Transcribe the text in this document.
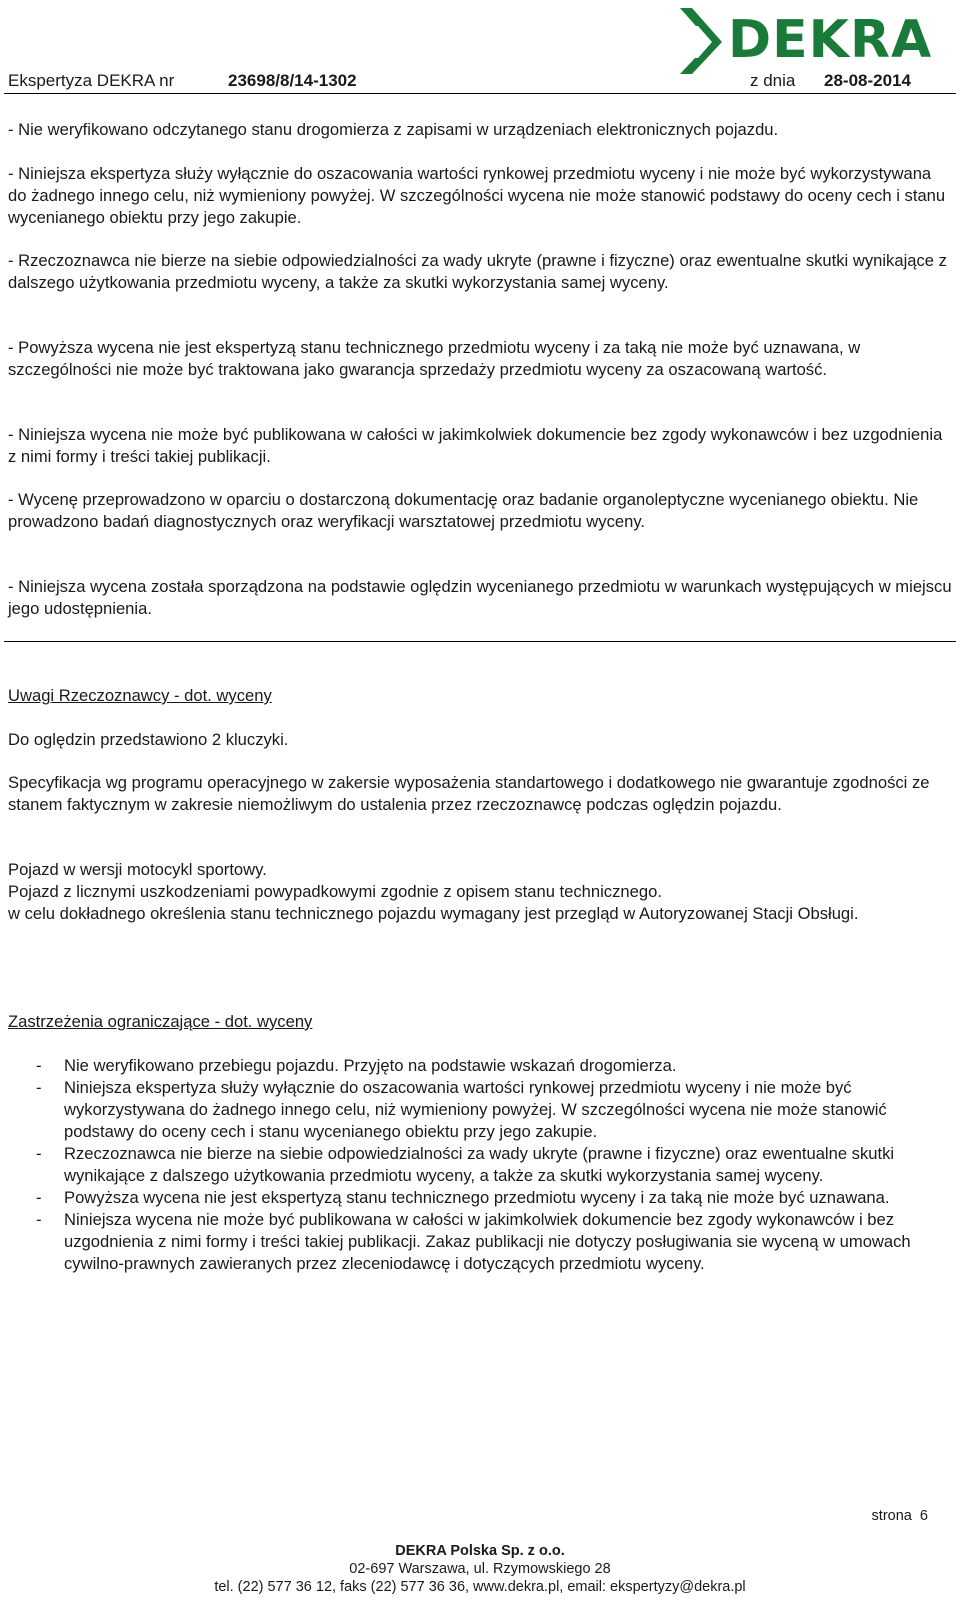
DEKRA
Ekspertyza DEKRA nr	23698/8/14-1302	z dnia 28-08-2014

- Nie weryfikowano odczytanego stanu drogomierza z zapisami w urządzeniach elektronicznych pojazdu.

- Niniejsza ekspertyza służy wyłącznie do oszacowania wartości rynkowej przedmiotu wyceny i nie może być wykorzystywana do żadnego innego celu, niż wymieniony powyżej. W szczególności wycena nie może stanowić podstawy do oceny cech i stanu wycenianego obiektu przy jego zakupie.

- Rzeczoznawca nie bierze na siebie odpowiedzialności za wady ukryte (prawne i fizyczne) oraz ewentualne skutki wynikające z dalszego użytkowania przedmiotu wyceny, a także za skutki wykorzystania samej wyceny.

- Powyższa wycena nie jest ekspertyzą stanu technicznego przedmiotu wyceny i za taką nie może być uznawana, w szczególności nie może być traktowana jako gwarancja sprzedaży przedmiotu wyceny za oszacowaną wartość.

- Niniejsza wycena nie może być publikowana w całości w jakimkolwiek dokumencie bez zgody wykonawców i bez uzgodnienia z nimi formy i treści takiej publikacji.

- Wycenę przeprowadzono w oparciu o dostarczoną dokumentację oraz badanie organoleptyczne wycenianego obiektu. Nie prowadzono badań diagnostycznych oraz weryfikacji warsztatowej przedmiotu wyceny.

- Niniejsza wycena została sporządzona na podstawie oględzin wycenianego przedmiotu w warunkach występujących w miejscu jego udostępnienia.

Uwagi Rzeczoznawcy - dot. wyceny

Do oględzin przedstawiono 2 kluczyki.

Specyfikacja wg programu operacyjnego w zakersie wyposażenia standartowego i dodatkowego nie gwarantuje zgodności ze stanem faktycznym w zakresie niemożliwym do ustalenia przez rzeczoznawcę podczas oględzin pojazdu.

Pojazd w wersji motocykl sportowy.
Pojazd z licznymi uszkodzeniami powypadkowymi zgodnie z opisem stanu technicznego.
w celu dokładnego określenia stanu technicznego pojazdu wymagany jest przegląd w Autoryzowanej Stacji Obsługi.

Zastrzeżenia ograniczające - dot. wyceny

- Nie weryfikowano przebiegu pojazdu. Przyjęto na podstawie wskazań drogomierza.
- Niniejsza ekspertyza służy wyłącznie do oszacowania wartości rynkowej przedmiotu wyceny i nie może być wykorzystywana do żadnego innego celu, niż wymieniony powyżej. W szczególności wycena nie może stanowić podstawy do oceny cech i stanu wycenianego obiektu przy jego zakupie.
- Rzeczoznawca nie bierze na siebie odpowiedzialności za wady ukryte (prawne i fizyczne) oraz ewentualne skutki wynikające z dalszego użytkowania przedmiotu wyceny, a także za skutki wykorzystania samej wyceny.
- Powyższa wycena nie jest ekspertyzą stanu technicznego przedmiotu wyceny i za taką nie może być uznawana.
- Niniejsza wycena nie może być publikowana w całości w jakimkolwiek dokumencie bez zgody wykonawców i bez uzgodnienia z nimi formy i treści takiej publikacji. Zakaz publikacji nie dotyczy posługiwania sie wyceną w umowach cywilno-prawnych zawieranych przez zleceniodawcę i dotyczących przedmiotu wyceny.
strona 6
DEKRA Polska Sp. z o.o.
02-697 Warszawa, ul. Rzymowskiego 28
tel. (22) 577 36 12, faks (22) 577 36 36, www.dekra.pl, email: ekspertyzy@dekra.pl
